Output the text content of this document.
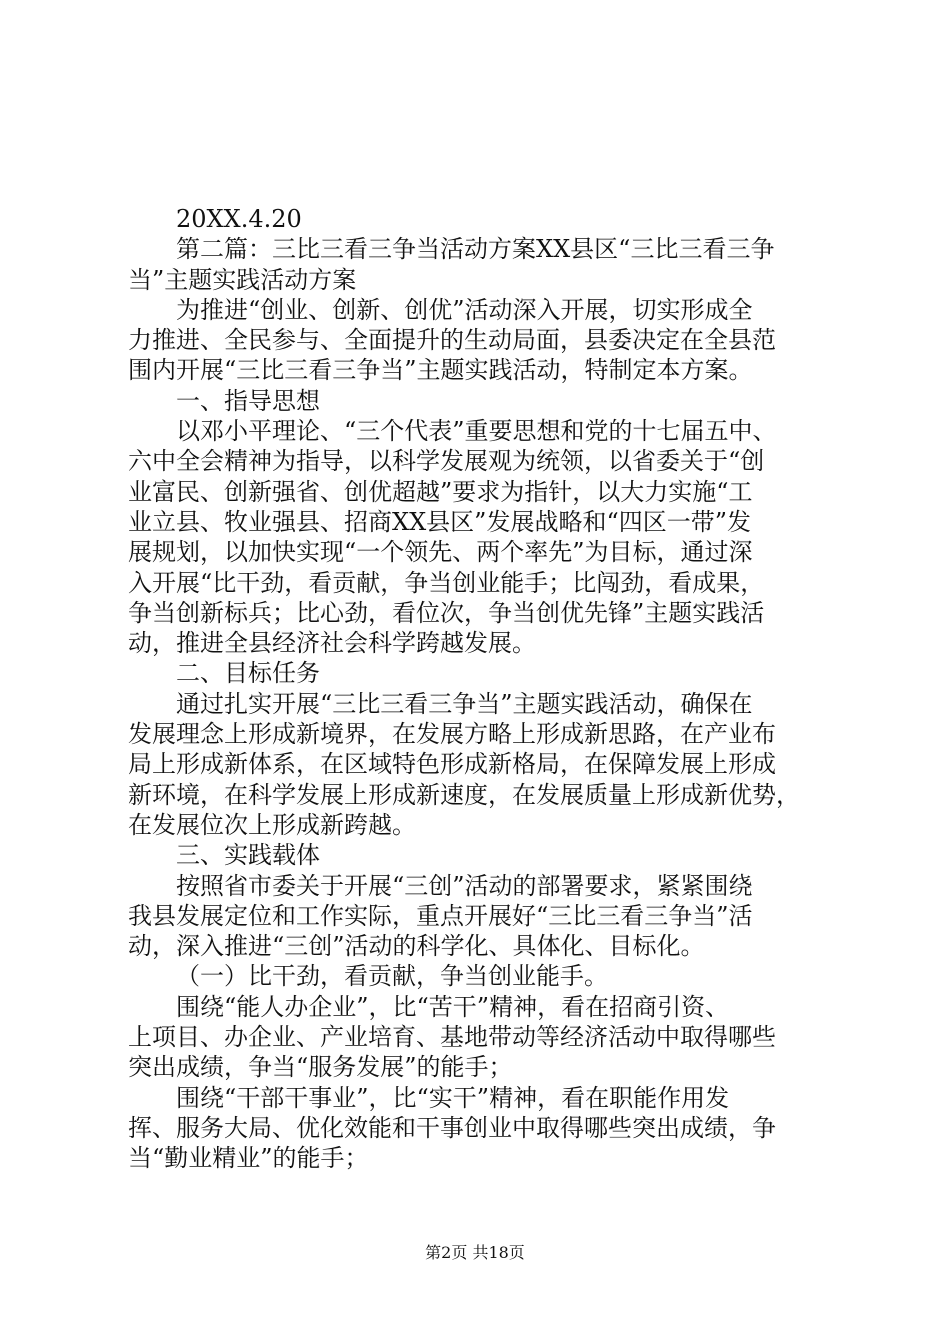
20XX.4.20
第二篇：三比三看三争当活动方案XX县区“三比三看三争
当”主题实践活动方案
为推进“创业、创新、创优”活动深入开展，切实形成全
力推进、全民参与、全面提升的生动局面，县委决定在全县范
围内开展“三比三看三争当”主题实践活动，特制定本方案。
一、指导思想
以邓小平理论、“三个代表”重要思想和党的十七届五中、
六中全会精神为指导，以科学发展观为统领，以省委关于“创
业富民、创新强省、创优超越”要求为指针，以大力实施“工
业立县、牧业强县、招商XX县区”发展战略和“四区一带”发
展规划，以加快实现“一个领先、两个率先”为目标，通过深
入开展“比干劲，看贡献，争当创业能手；比闯劲，看成果，
争当创新标兵；比心劲，看位次，争当创优先锋”主题实践活
动，推进全县经济社会科学跨越发展。
二、目标任务
通过扎实开展“三比三看三争当”主题实践活动，确保在
发展理念上形成新境界，在发展方略上形成新思路，在产业布
局上形成新体系，在区域特色形成新格局，在保障发展上形成
新环境，在科学发展上形成新速度，在发展质量上形成新优势，
在发展位次上形成新跨越。
三、实践载体
按照省市委关于开展“三创”活动的部署要求，紧紧围绕
我县发展定位和工作实际，重点开展好“三比三看三争当”活
动，深入推进“三创”活动的科学化、具体化、目标化。
（一）比干劲，看贡献，争当创业能手。
围绕“能人办企业”，比“苦干”精神，看在招商引资、
上项目、办企业、产业培育、基地带动等经济活动中取得哪些
突出成绩，争当“服务发展”的能手；
围绕“干部干事业”，比“实干”精神，看在职能作用发
挥、服务大局、优化效能和干事创业中取得哪些突出成绩，争
当“勤业精业”的能手；
第2页 共18页
